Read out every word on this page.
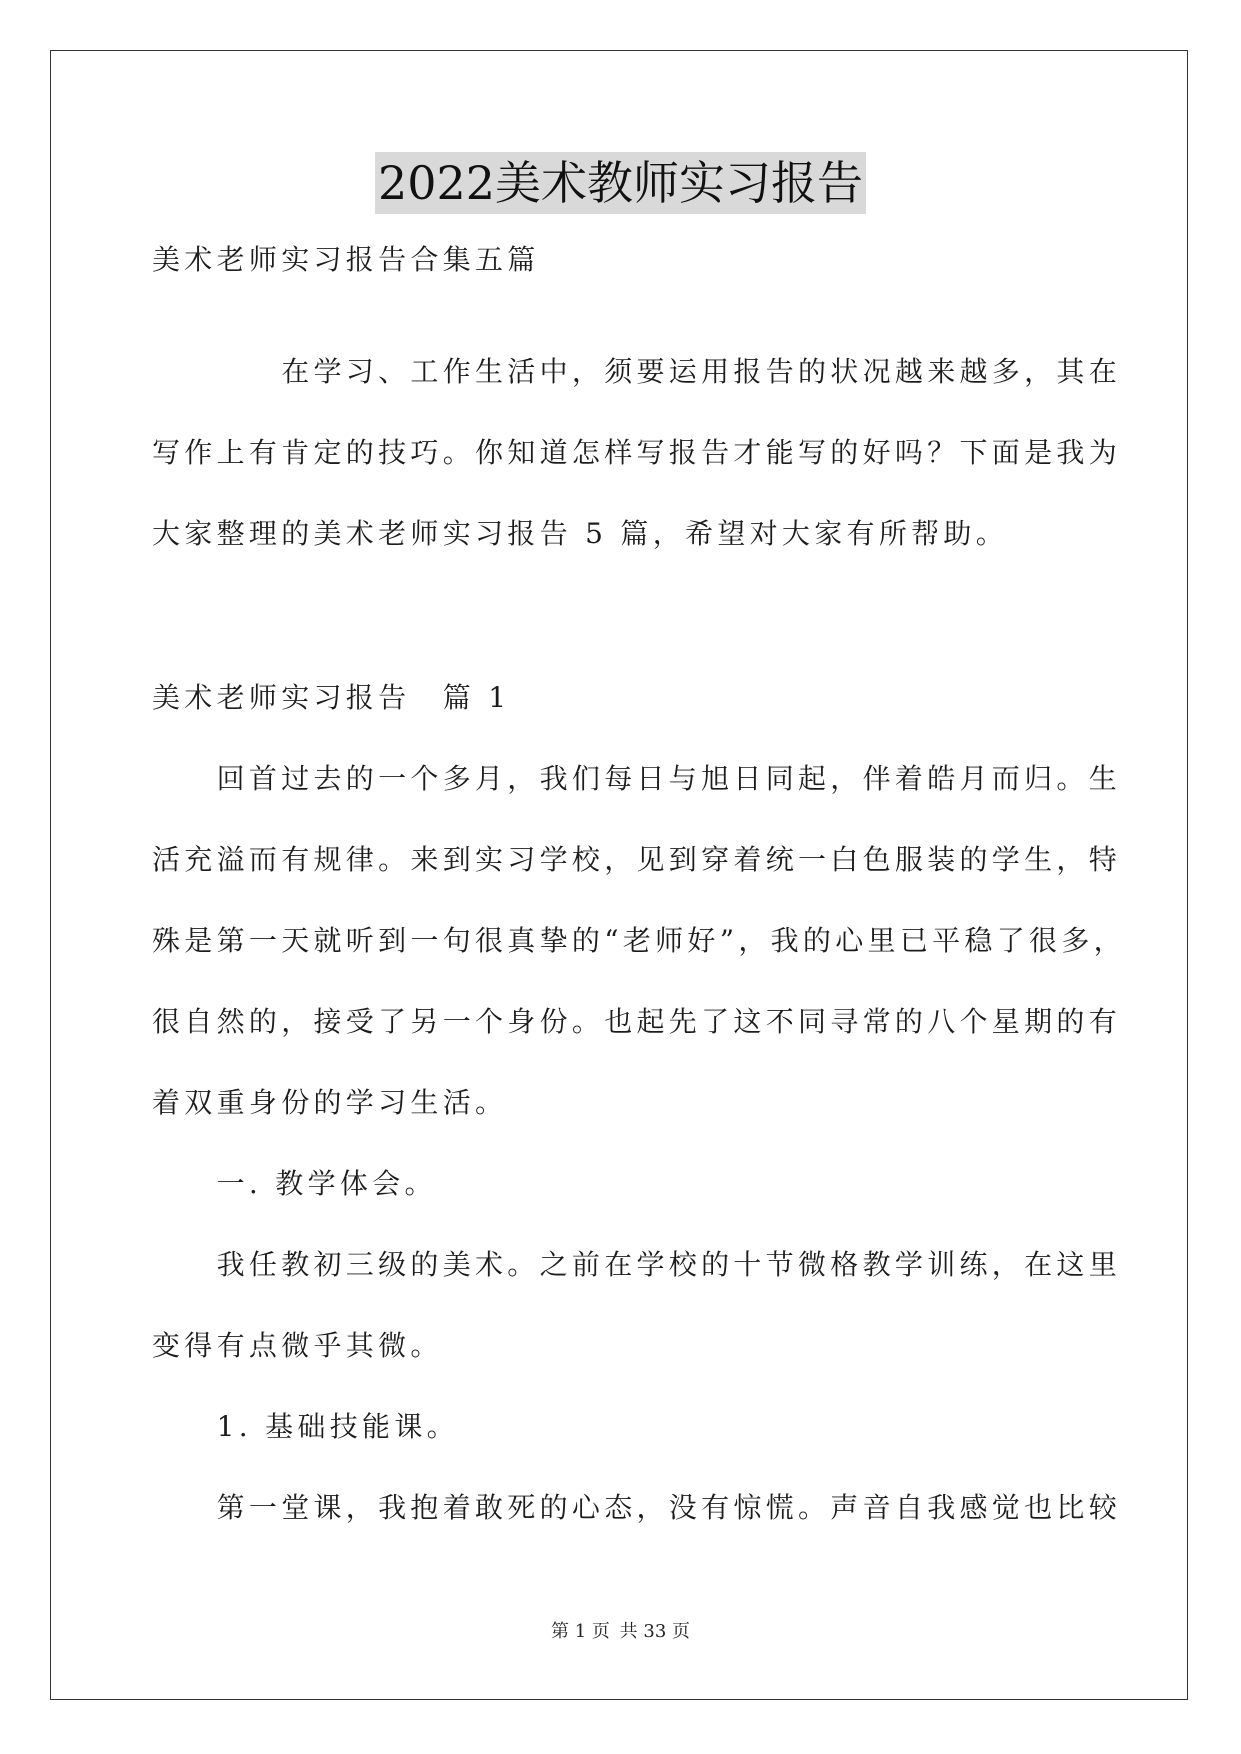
2022美术教师实习报告
美术老师实习报告合集五篇
　　　　在学习、工作生活中，须要运用报告的状况越来越多，其在
写作上有肯定的技巧。你知道怎样写报告才能写的好吗？下面是我为
大家整理的美术老师实习报告 5 篇，希望对大家有所帮助。
美术老师实习报告　篇 1
　　回首过去的一个多月，我们每日与旭日同起，伴着皓月而归。生
活充溢而有规律。来到实习学校，见到穿着统一白色服装的学生，特
殊是第一天就听到一句很真挚的“老师好”，我的心里已平稳了很多，
很自然的，接受了另一个身份。也起先了这不同寻常的八个星期的有
着双重身份的学习生活。
　　一. 教学体会。
　　我任教初三级的美术。之前在学校的十节微格教学训练，在这里
变得有点微乎其微。
　　1. 基础技能课。
　　第一堂课，我抱着敢死的心态，没有惊慌。声音自我感觉也比较
第 1 页 共 33 页
